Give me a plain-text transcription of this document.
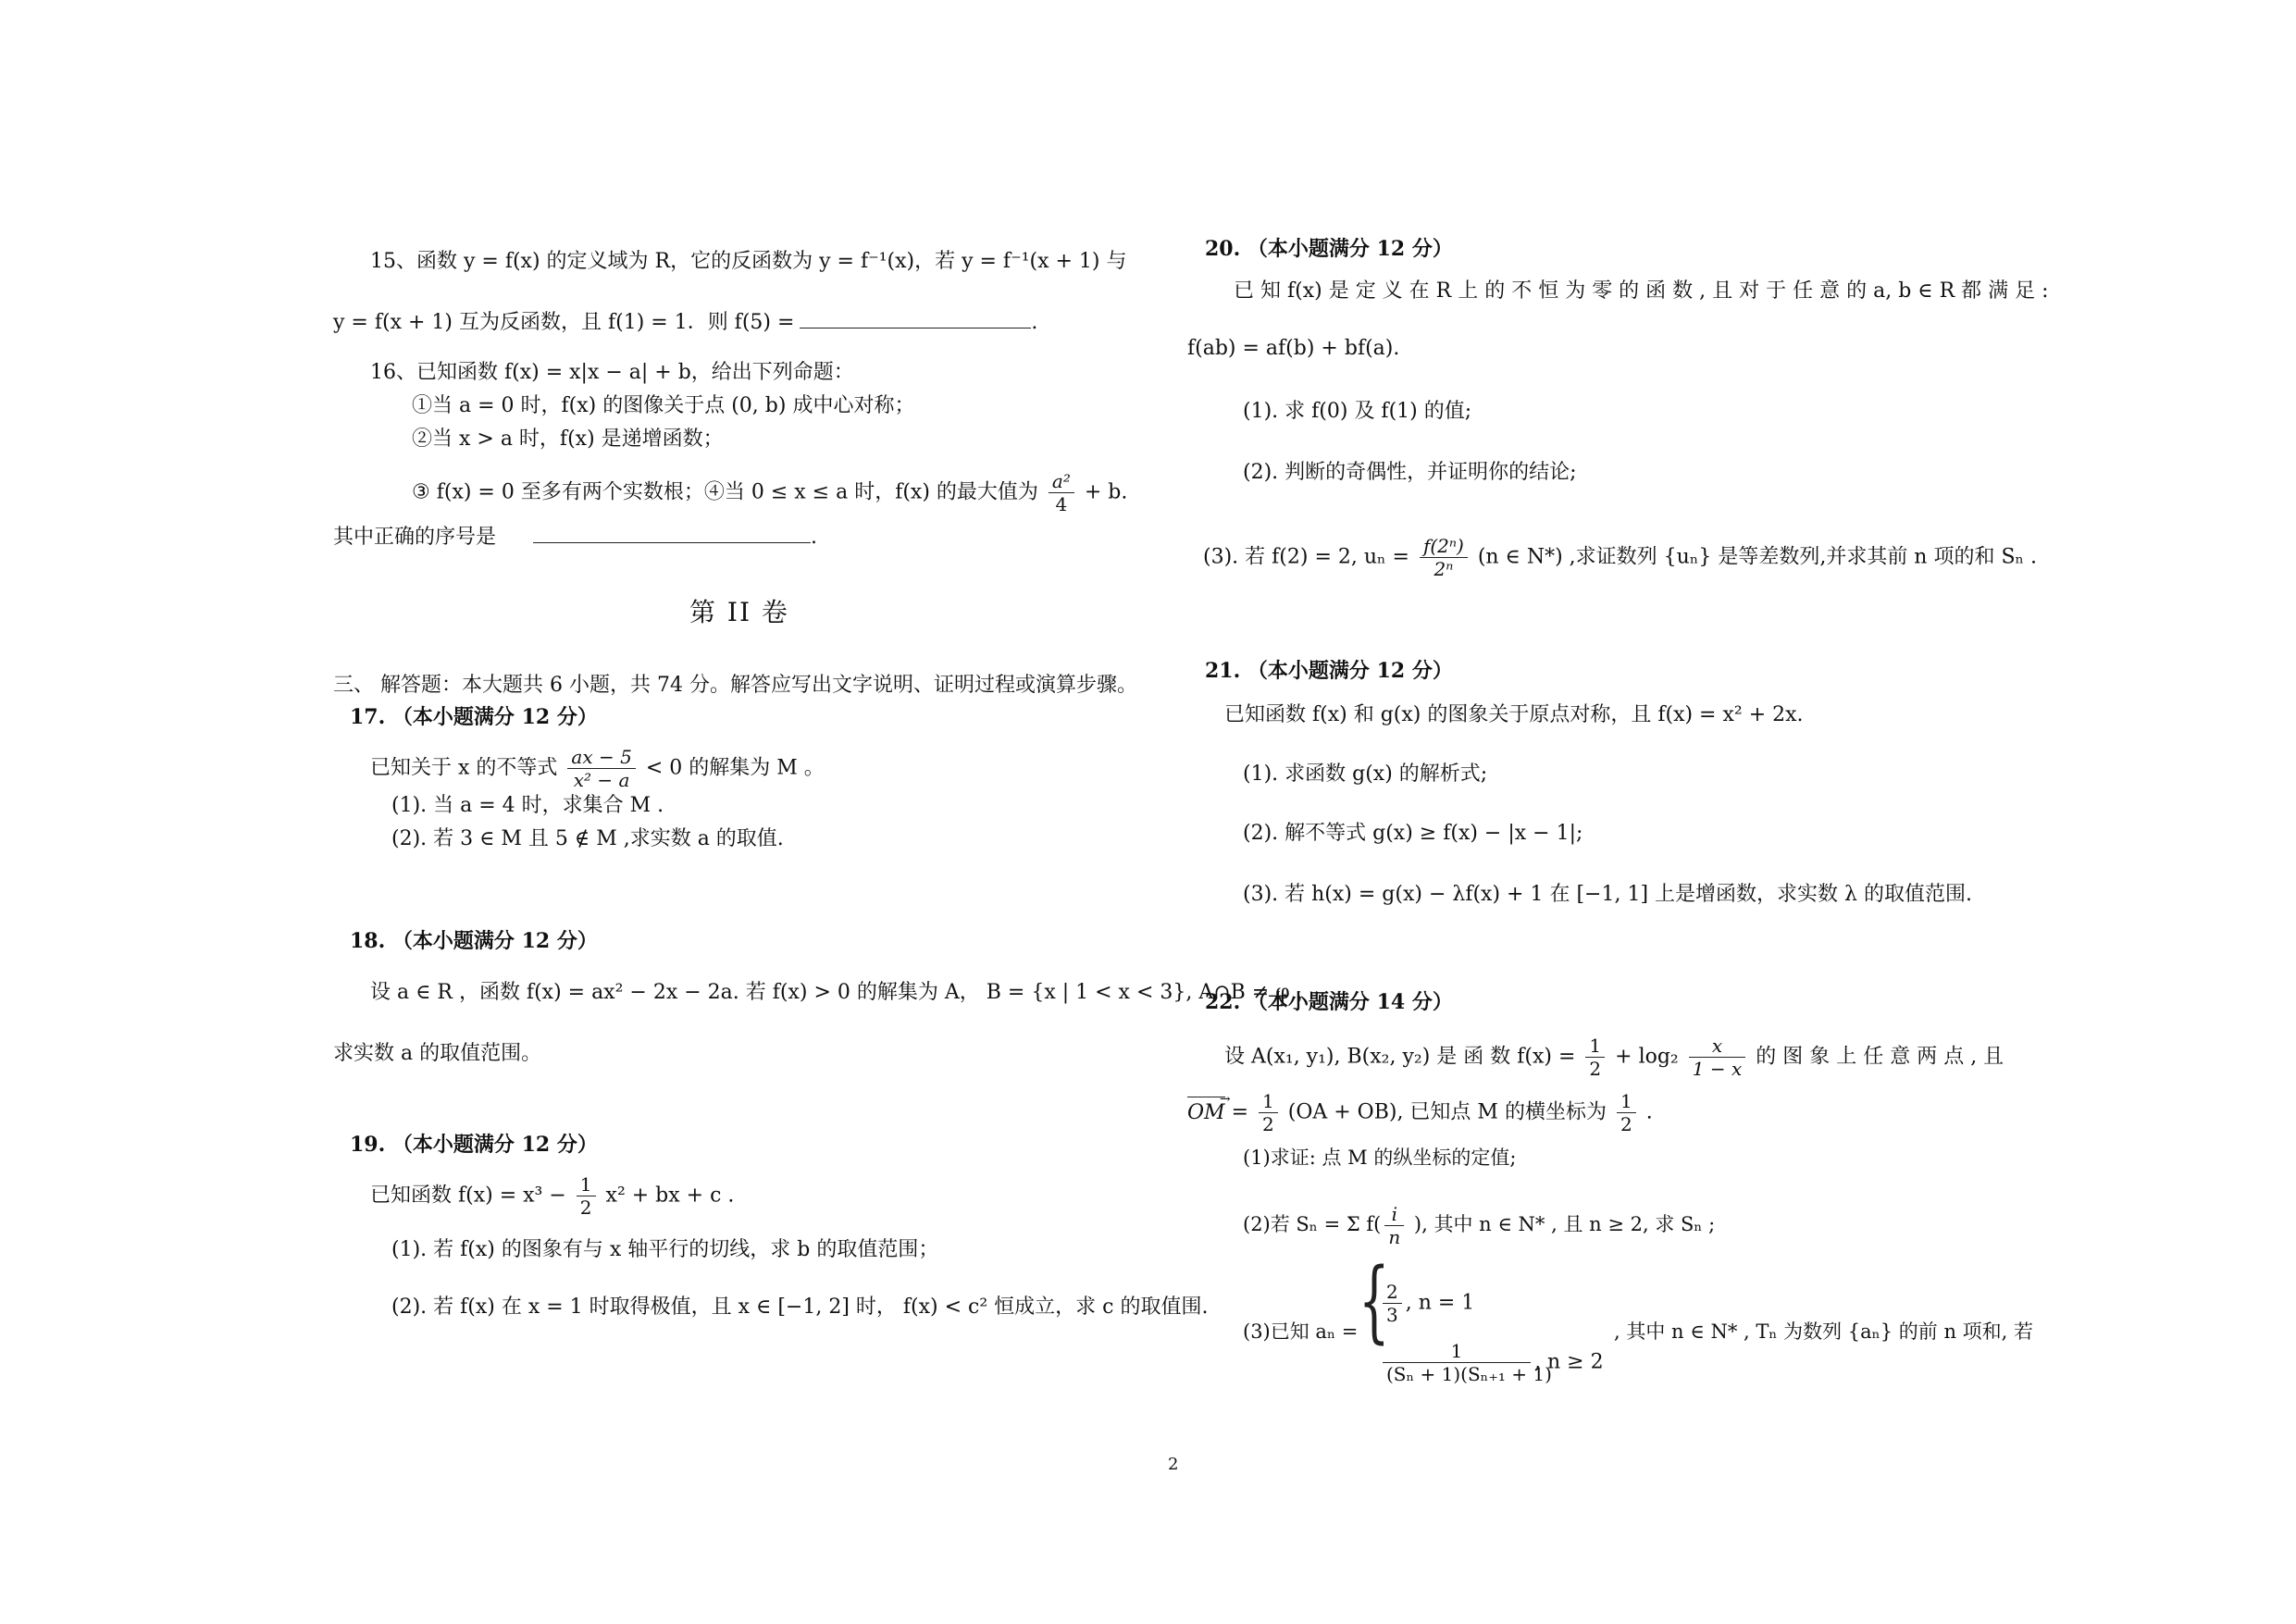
15、函数 y = f(x) 的定义域为 R，它的反函数为 y = f⁻¹(x)，若 y = f⁻¹(x + 1) 与
y = f(x + 1) 互为反函数，且 f(1) = 1．则 f(5) =	.
16、已知函数 f(x) = x|x − a| + b，给出下列命题：
①当 a = 0 时，f(x) 的图像关于点 (0, b) 成中心对称；
②当 x > a 时，f(x) 是递增函数；
③ f(x) = 0 至多有两个实数根；④当 0 ≤ x ≤ a 时，f(x) 的最大值为 $\frac{\text{a²}}{4} + b$.
其中正确的序号是	.
第 II 卷
三、 解答题：本大题共 6 小题，共 74 分。解答应写出文字说明、证明过程或演算步骤。
17. （本小题满分 12 分）
已知关于 x 的不等式 $\frac{ax - 5}{\text{x² − a}} < 0$ 的解集为 M 。
(1). 当 a = 4 时，求集合 M .
(2). 若 3 ∈ M 且 5 ∉ M ,求实数 a 的取值.
18. （本小题满分 12 分）
设 a ∈ R ，函数 f(x) = ax² − 2x − 2a. 若 f(x) > 0 的解集为 A， B = {x | 1 < x < 3}, A∩B ≠ φ ，
求实数 a 的取值范围。
19. （本小题满分 12 分）
已知函数 $f(x) = x^3 - \frac{1}{2} x^2$ + bx + c .
(1). 若 f(x) 的图象有与 x 轴平行的切线，求 b 的取值范围；
(2). 若 f(x) 在 x = 1 时取得极值，且 x ∈ [−1, 2] 时， f(x) < c² 恒成立，求 c 的取值围.
20. （本小题满分 12 分）
已 知 f(x) 是 定 义 在 R 上 的 不 恒 为 零 的 函 数 , 且 对 于 任 意 的 a, b ∈ R 都 满 足 :
f(ab) = af(b) + bf(a).
(1). 求 f(0) 及 f(1) 的值;
(2). 判断的奇偶性，并证明你的结论;
(3). 若 f(2) = 2, $u_n = \frac{\text{f(2ⁿ)}}{\text{2ⁿ}} (n$ ∈ N*) ,求证数列 {uₙ} 是等差数列,并求其前 n 项的和 Sₙ .
21. （本小题满分 12 分）
已知函数 f(x) 和 g(x) 的图象关于原点对称，且 f(x) = x² + 2x.
(1). 求函数 g(x) 的解析式;
(2). 解不等式 g(x) ≥ f(x) − |x − 1|;
(3). 若 h(x) = g(x) − λf(x) + 1 在 [−1, 1] 上是增函数，求实数 λ 的取值范围.
22. （本小题满分 14 分）
设 A(x₁, y₁), B(x₂, y₂) 是 函 数 $f(x) = \frac{1}{2} + \log_2 \frac{x}{1 - x}$ 的 图 象 上 任 意 两 点 , 且
OM → = $\frac{1}{2} (OA + OB)$, 已知点 M 的横坐标为 $\frac{1}{2}$ .
(1)求证: 点 M 的纵坐标的定值;
(2)若 Sₙ = Σ $f( \frac{i}{n}$ ), 其中 n ∈ N* , 且 n ≥ 2, 求 Sₙ ;
(3)已知 aₙ = {
$\frac{2}{3}$ , n = 1
$\frac{1}{\text{(Sₙ + 1)(Sₙ₊₁ + 1)}}$ , n ≥ 2
, 其中 n ∈ N* , Tₙ 为数列 {aₙ} 的前 n 项和, 若
2
